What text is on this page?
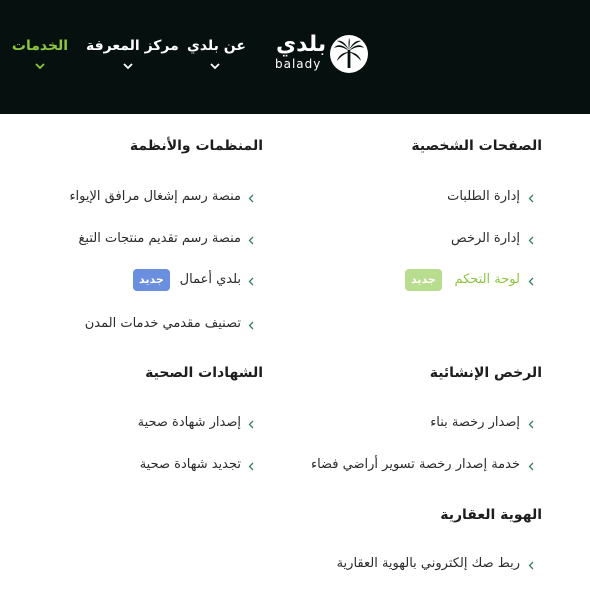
بلدي
balady
عن بلدي
مركز المعرفة
الخدمات
الصفحات الشخصية
إدارة الطلبات
إدارة الرخص
لوحة التحكم
جديد
المنظمات والأنظمة
منصة رسم إشغال مرافق الإيواء
منصة رسم تقديم منتجات التبغ
بلدي أعمال
جديد
تصنيف مقدمي خدمات المدن
الرخص الإنشائية
إصدار رخصة بناء
خدمة إصدار رخصة تسوير أراضي فضاء
الشهادات الصحية
إصدار شهادة صحية
تجديد شهادة صحية
الهوية العقارية
ربط صك إلكتروني بالهوية العقارية
